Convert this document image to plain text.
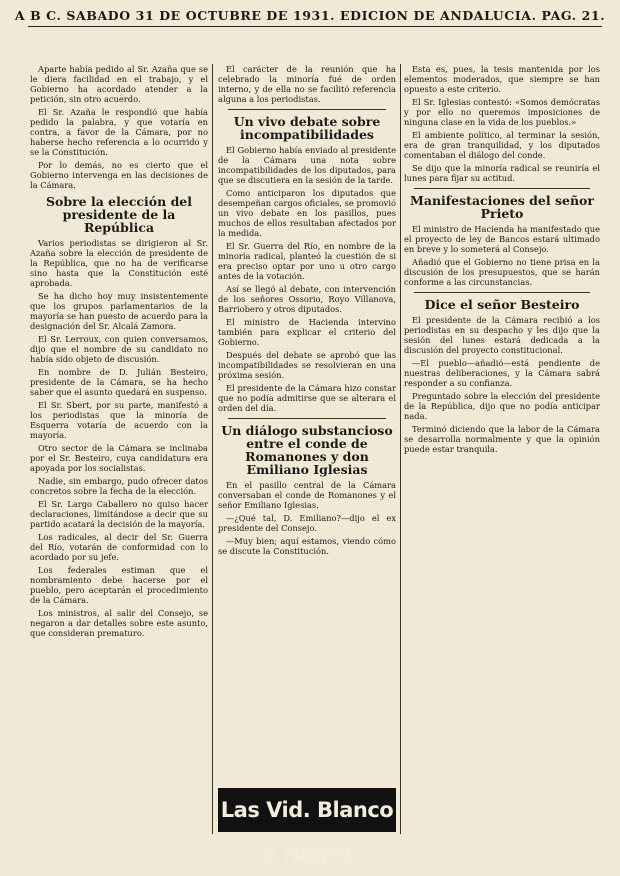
A B C. SABADO 31 DE OCTUBRE DE 1931. EDICION DE ANDALUCIA. PAG. 21.

Aparte había pedido al Sr. Azaña que se le diera facilidad en el trabajo, y el Gobierno ha acordado atender a la petición, sin otro acuerdo.

El Sr. Azaña le respondió que había pedido la palabra, y que votaría en contra, a favor de la Cámara, por no haberse hecho referencia a lo ocurrido y se la Constitución.

Por lo demás, no es cierto que el Gobierno intervenga en las decisiones de la Cámara.

Sobre la elección del presidente de la República

Varios periodistas se dirigieron al Sr. Azaña sobre la elección de presidente de la República, que no ha de verificarse sino hasta que la Constitución esté aprobada.

Se ha dicho hoy muy insistentemente que los grupos parlamentarios de la mayoría se han puesto de acuerdo para la designación del Sr. Alcalá Zamora.

El Sr. Lerroux, con quien conversamos, dijo que el nombre de su candidato no había sido objeto de discusión.

En nombre de D. Julián Besteiro, presidente de la Cámara, se ha hecho saber que el asunto quedará en suspenso.

El Sr. Sbert, por su parte, manifestó a los periodistas que la minoría de Esquerra votaría de acuerdo con la mayoría.

Otro sector de la Cámara se inclinaba por el Sr. Besteiro, cuya candidatura era apoyada por los socialistas.

Nadie, sin embargo, pudo ofrecer datos concretos sobre la fecha de la elección.

El Sr. Largo Caballero no quiso hacer declaraciones, limitándose a decir que su partido acatará la decisión de la mayoría.

Los radicales, al decir del Sr. Guerra del Río, votarán de conformidad con lo acordado por su jefe.

Los federales estiman que el nombramiento debe hacerse por el pueblo, pero aceptarán el procedimiento de la Cámara.

Los ministros, al salir del Consejo, se negaron a dar detalles sobre este asunto, que consideran prematuro.

El carácter de la reunión que ha celebrado la minoría fué de orden interno, y de ella no se facilitó referencia alguna a los periodistas.

Un vivo debate sobre incompatibilidades

El Gobierno había enviado al presidente de la Cámara una nota sobre incompatibilidades de los diputados, para que se discutiera en la sesión de la tarde.

Como anticiparon los diputados que desempeñan cargos oficiales, se promovió un vivo debate en los pasillos, pues muchos de ellos resultaban afectados por la medida.

El Sr. Guerra del Río, en nombre de la minoría radical, planteó la cuestión de si era preciso optar por uno u otro cargo antes de la votación.

Así se llegó al debate, con intervención de los señores Ossorio, Royo Villanova, Barriobero y otros diputados.

El ministro de Hacienda intervino también para explicar el criterio del Gobierno.

Después del debate se aprobó que las incompatibilidades se resolvieran en una próxima sesión.

El presidente de la Cámara hizo constar que no podía admitirse que se alterara el orden del día.

Un diálogo substancioso entre el conde de Romanones y don Emiliano Iglesias

En el pasillo central de la Cámara conversaban el conde de Romanones y el señor Emiliano Iglesias.

—¿Qué tal, D. Emiliano?—dijo el ex presidente del Consejo.

—Muy bien; aquí estamos, viendo cómo se discute la Constitución.

Las Vid. Blanco y Negro

Esta es, pues, la tesis mantenida por los elementos moderados, que siempre se han opuesto a este criterio.

El Sr. Iglesias contestó: «Somos demócratas y por ello no queremos imposiciones de ninguna clase en la vida de los pueblos.»

El ambiente político, al terminar la sesión, era de gran tranquilidad, y los diputados comentaban el diálogo del conde.

Se dijo que la minoría radical se reuniría el lunes para fijar su actitud.

Manifestaciones del señor Prieto

El ministro de Hacienda ha manifestado que el proyecto de ley de Bancos estará ultimado en breve y lo someterá al Consejo.

Añadió que el Gobierno no tiene prisa en la discusión de los presupuestos, que se harán conforme a las circunstancias.

Dice el señor Besteiro

El presidente de la Cámara recibió a los periodistas en su despacho y les dijo que la sesión del lunes estará dedicada a la discusión del proyecto constitucional.

—El pueblo—añadió—está pendiente de nuestras deliberaciones, y la Cámara sabrá responder a su confianza.

Preguntado sobre la elección del presidente de la República, dijo que no podía anticipar nada.

Terminó diciendo que la labor de la Cámara se desarrolla normalmente y que la opinión puede estar tranquila.
